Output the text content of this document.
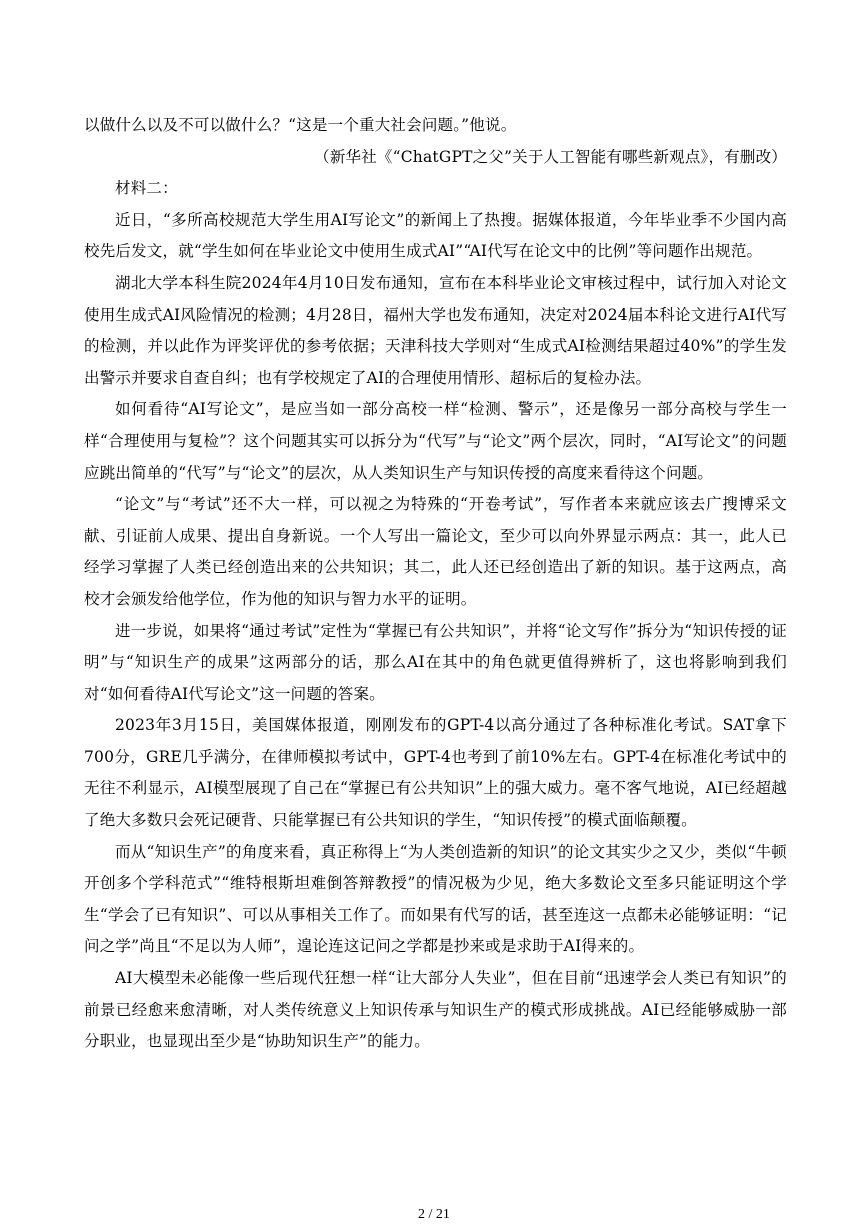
以做什么以及不可以做什么？“这是一个重大社会问题。”他说。

（新华社《“ChatGPT之父”关于人工智能有哪些新观点》，有删改）

材料二：

近日，“多所高校规范大学生用AI写论文”的新闻上了热搜。据媒体报道，今年毕业季不少国内高校先后发文，就“学生如何在毕业论文中使用生成式AI”“AI代写在论文中的比例”等问题作出规范。

湖北大学本科生院2024年4月10日发布通知，宣布在本科毕业论文审核过程中，试行加入对论文使用生成式AI风险情况的检测；4月28日，福州大学也发布通知，决定对2024届本科论文进行AI代写的检测，并以此作为评奖评优的参考依据；天津科技大学则对“生成式AI检测结果超过40%”的学生发出警示并要求自查自纠；也有学校规定了AI的合理使用情形、超标后的复检办法。

如何看待“AI写论文”，是应当如一部分高校一样“检测、警示”，还是像另一部分高校与学生一样“合理使用与复检”？这个问题其实可以拆分为“代写”与“论文”两个层次，同时，“AI写论文”的问题应跳出简单的“代写”与“论文”的层次，从人类知识生产与知识传授的高度来看待这个问题。

“论文”与“考试”还不大一样，可以视之为特殊的“开卷考试”，写作者本来就应该去广搜博采文献、引证前人成果、提出自身新说。一个人写出一篇论文，至少可以向外界显示两点：其一，此人已经学习掌握了人类已经创造出来的公共知识；其二，此人还已经创造出了新的知识。基于这两点，高校才会颁发给他学位，作为他的知识与智力水平的证明。

进一步说，如果将“通过考试”定性为“掌握已有公共知识”，并将“论文写作”拆分为“知识传授的证明”与“知识生产的成果”这两部分的话，那么AI在其中的角色就更值得辨析了，这也将影响到我们对“如何看待AI代写论文”这一问题的答案。

2023年3月15日，美国媒体报道，刚刚发布的GPT-4以高分通过了各种标准化考试。SAT拿下700分，GRE几乎满分，在律师模拟考试中，GPT-4也考到了前10%左右。GPT-4在标准化考试中的无往不利显示，AI模型展现了自己在“掌握已有公共知识”上的强大威力。毫不客气地说，AI已经超越了绝大多数只会死记硬背、只能掌握已有公共知识的学生，“知识传授”的模式面临颠覆。

而从“知识生产”的角度来看，真正称得上“为人类创造新的知识”的论文其实少之又少，类似“牛顿开创多个学科范式”“维特根斯坦难倒答辩教授”的情况极为少见，绝大多数论文至多只能证明这个学生“学会了已有知识”、可以从事相关工作了。而如果有代写的话，甚至连这一点都未必能够证明：“记问之学”尚且“不足以为人师”，遑论连这记问之学都是抄来或是求助于AI得来的。

AI大模型未必能像一些后现代狂想一样“让大部分人失业”，但在目前“迅速学会人类已有知识”的前景已经愈来愈清晰，对人类传统意义上知识传承与知识生产的模式形成挑战。AI已经能够威胁一部分职业，也显现出至少是“协助知识生产”的能力。

2 / 21
